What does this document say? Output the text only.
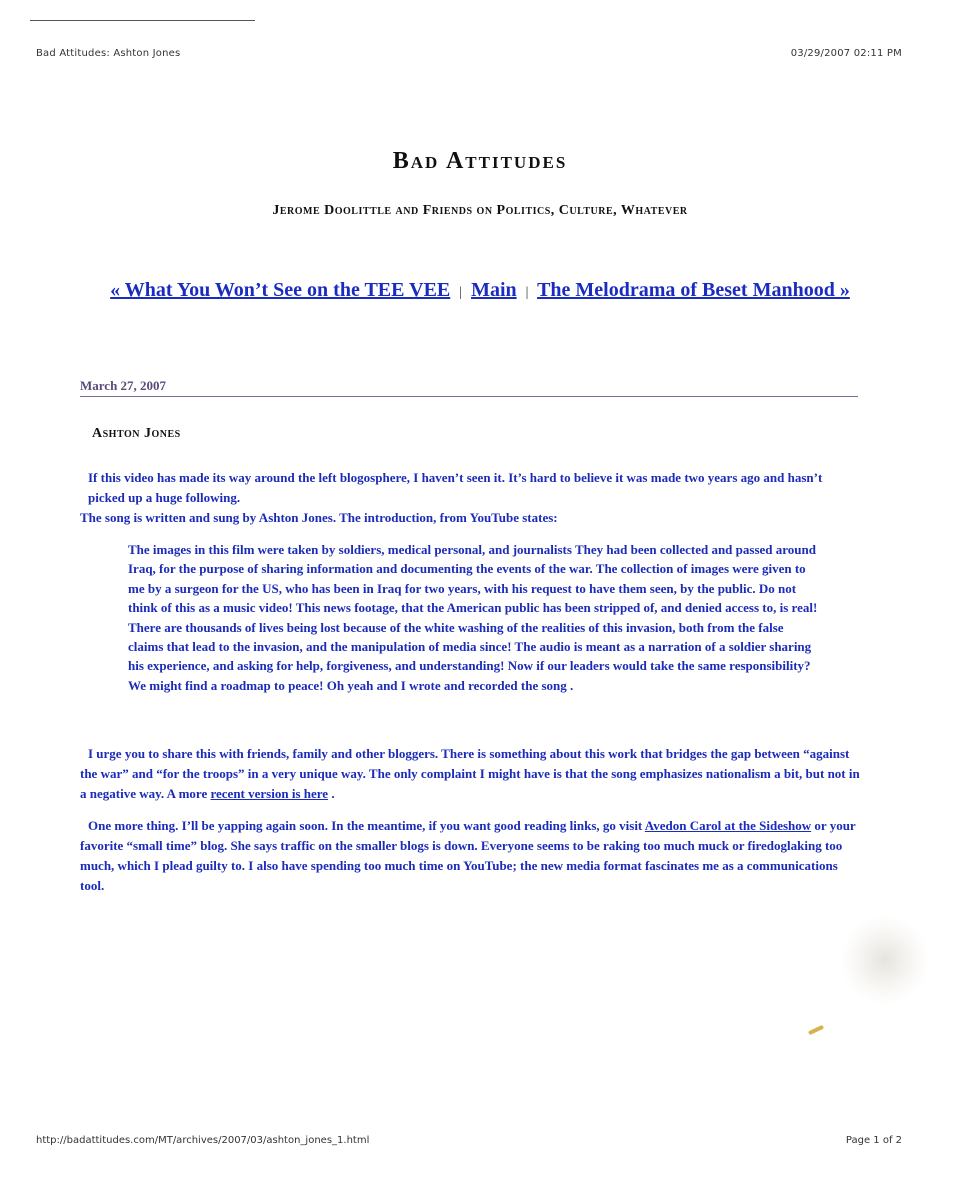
Bad Attitudes: Ashton Jones	03/29/2007 02:11 PM
Bad Attitudes
Jerome Doolittle and Friends on Politics, Culture, Whatever
« What You Won’t See on the TEE VEE | Main | The Melodrama of Beset Manhood »
March 27, 2007
Ashton Jones
If this video has made its way around the left blogosphere, I haven’t seen it. It’s hard to believe it was made two years ago and hasn’t picked up a huge following.
The song is written and sung by Ashton Jones. The introduction, from YouTube states:
The images in this film were taken by soldiers, medical personal, and journalists They had been collected and passed around Iraq, for the purpose of sharing information and documenting the events of the war. The collection of images were given to me by a surgeon for the US, who has been in Iraq for two years, with his request to have them seen, by the public. Do not think of this as a music video! This news footage, that the American public has been stripped of, and denied access to, is real! There are thousands of lives being lost because of the white washing of the realities of this invasion, both from the false claims that lead to the invasion, and the manipulation of media since! The audio is meant as a narration of a soldier sharing his experience, and asking for help, forgiveness, and understanding! Now if our leaders would take the same responsibility? We might find a roadmap to peace! Oh yeah and I wrote and recorded the song .
I urge you to share this with friends, family and other bloggers. There is something about this work that bridges the gap between “against the war” and “for the troops” in a very unique way. The only complaint I might have is that the song emphasizes nationalism a bit, but not in a negative way. A more recent version is here .
One more thing. I’ll be yapping again soon. In the meantime, if you want good reading links, go visit Avedon Carol at the Sideshow or your favorite “small time” blog. She says traffic on the smaller blogs is down. Everyone seems to be raking too much muck or firedoglaking too much, which I plead guilty to. I also have spending too much time on YouTube; the new media format fascinates me as a communications tool.
http://badattitudes.com/MT/archives/2007/03/ashton_jones_1.html	Page 1 of 2
